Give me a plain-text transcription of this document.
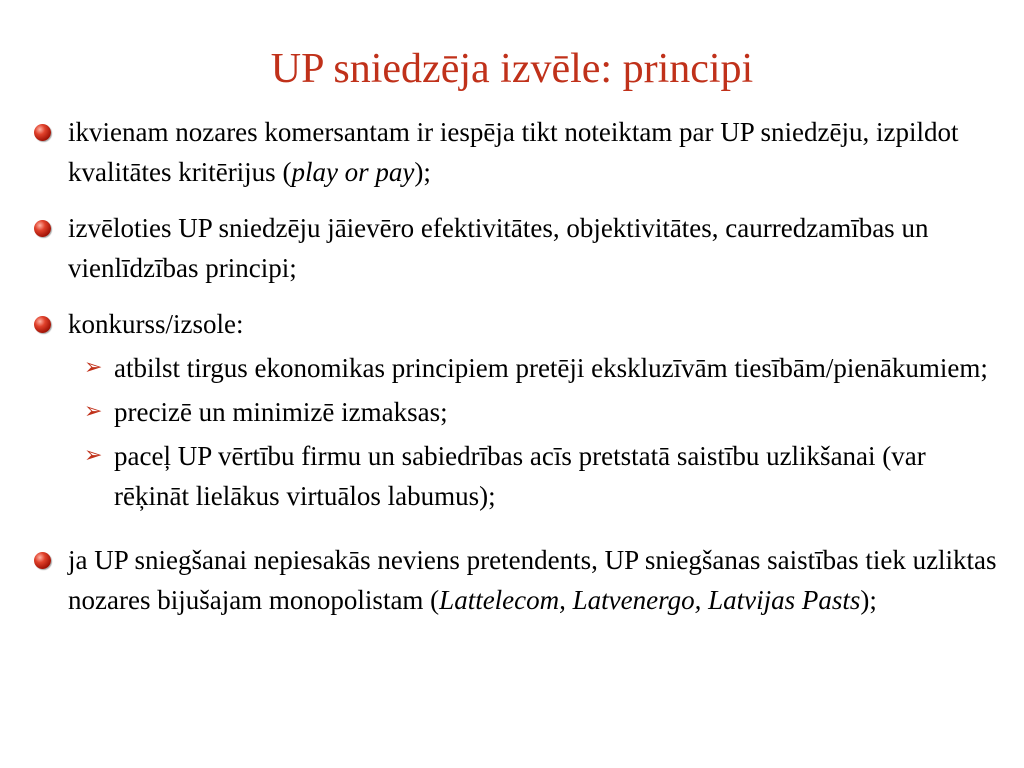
UP sniedzēja izvēle: principi
ikvienam nozares komersantam ir iespēja tikt noteiktam par UP sniedzēju, izpildot kvalitātes kritērijus (play or pay);
izvēloties UP sniedzēju jāievēro efektivitātes, objektivitātes, caurredzamības un vienlīdzības principi;
konkurss/izsole:
➢ atbilst tirgus ekonomikas principiem pretēji ekskluzīvām tiesībām/pienākumiem;
➢ precizē un minimizē izmaksas;
➢ paceļ UP vērtību firmu un sabiedrības acīs pretstatā saistību uzlikšanai (var rēķināt lielākus virtuālos labumus);
ja UP sniegšanai nepiesakās neviens pretendents, UP sniegšanas saistības tiek uzliktas nozares bijušajam monopolistam (Lattelecom, Latvenergo, Latvijas Pasts);
